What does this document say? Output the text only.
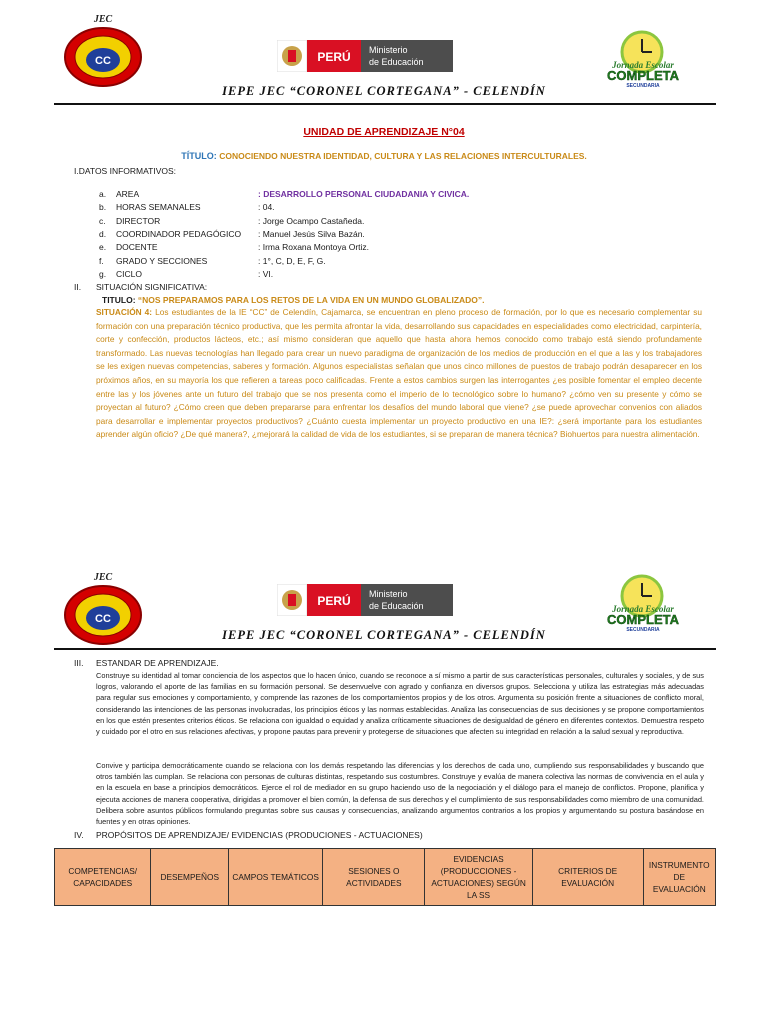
JEC
CC	PERÚ Ministerio
de Educación	Jornada Escolar
COMPLETA
SECUNDARIA
IEPE JEC “CORONEL CORTEGANA” - CELENDÍN
UNIDAD DE APRENDIZAJE N°04
TÍTULO: CONOCIENDO NUESTRA IDENTIDAD, CULTURA Y LAS RELACIONES INTERCULTURALES.
I.DATOS INFORMATIVOS:
a. AREA	: DESARROLLO PERSONAL CIUDADANIA Y CIVICA.
b. HORAS SEMANALES	: 04.
c. DIRECTOR	: Jorge Ocampo Castañeda.
d. COORDINADOR PEDAGÓGICO : Manuel Jesús Silva Bazán.
e. DOCENTE	: Irma Roxana Montoya Ortiz.
f. GRADO Y SECCIONES	: 1°, C, D, E, F, G.
g. CICLO	: VI.
II. SITUACIÓN SIGNIFICATIVA:
TITULO: “NOS PREPARAMOS PARA LOS RETOS DE LA VIDA EN UN MUNDO GLOBALIZADO”.
SITUACIÓN 4: Los estudiantes de la IE “CC” de Celendín, Cajamarca, se encuentran en pleno proceso de formación, por lo que es necesario complementar su formación con una preparación técnico productiva, que les permita afrontar la vida, desarrollando sus capacidades en especialidades como electricidad, carpintería, corte y confección, productos lácteos, etc.; así mismo consideran que aquello que hasta ahora hemos conocido como trabajo está siendo profundamente transformado. Las nuevas tecnologías han llegado para crear un nuevo paradigma de organización de los medios de producción en el que a las y los trabajadores se les exigen nuevas competencias, saberes y formación. Algunos especialistas señalan que unos cinco millones de puestos de trabajo podrán desaparecer en los próximos años, en su mayoría los que refieren a tareas poco calificadas. Frente a estos cambios surgen las interrogantes ¿es posible fomentar el empleo decente entre las y los jóvenes ante un futuro del trabajo que se nos presenta como el imperio de lo tecnológico sobre lo humano? ¿cómo ven su presente y cómo se proyectan al futuro? ¿Cómo creen que deben prepararse para enfrentar los desafíos del mundo laboral que viene? ¿se puede aprovechar convenios con aliados para desarrollar e implementar proyectos productivos? ¿Cuánto cuesta implementar un proyecto productivo en una IE?: ¿será importante para los estudiantes aprender algún oficio? ¿De qué manera?, ¿mejorará la calidad de vida de los estudiantes, si se preparan de manera técnica? Biohuertos para nuestra alimentación.
JEC
CC
PERÚ Ministerio
de Educación	Jornada Escolar
COMPLETA
SECUNDARIA
IEPE JEC “CORONEL CORTEGANA” - CELENDÍN
III. ESTANDAR DE APRENDIZAJE.
Construye su identidad al tomar conciencia de los aspectos que lo hacen único, cuando se reconoce a sí mismo a partir de sus características personales, culturales y sociales, y de sus logros, valorando el aporte de las familias en su formación personal. Se desenvuelve con agrado y confianza en diversos grupos. Selecciona y utiliza las estrategias más adecuadas para regular sus emociones y comportamiento, y comprende las razones de los comportamientos propios y de los otros. Argumenta su posición frente a situaciones de conflicto moral, considerando las intenciones de las personas involucradas, los principios éticos y las normas establecidas. Analiza las consecuencias de sus decisiones y se propone comportamientos en los que estén presentes criterios éticos. Se relaciona con igualdad o equidad y analiza críticamente situaciones de desigualdad de género en diferentes contextos. Demuestra respeto y cuidado por el otro en sus relaciones afectivas, y propone pautas para prevenir y protegerse de situaciones que afecten su integridad en relación a la salud sexual y reproductiva.
Convive y participa democráticamente cuando se relaciona con los demás respetando las diferencias y los derechos de cada uno, cumpliendo sus responsabilidades y buscando que otros también las cumplan. Se relaciona con personas de culturas distintas, respetando sus costumbres. Construye y evalúa de manera colectiva las normas de convivencia en el aula y en la escuela en base a principios democráticos. Ejerce el rol de mediador en su grupo haciendo uso de la negociación y el diálogo para el manejo de conflictos. Propone, planifica y ejecuta acciones de manera cooperativa, dirigidas a promover el bien común, la defensa de sus derechos y el cumplimiento de sus responsabilidades como miembro de una comunidad. Delibera sobre asuntos públicos formulando preguntas sobre sus causas y consecuencias, analizando argumentos contrarios a los propios y argumentando su postura basándose en fuentes y en otras opiniones.
IV. PROPÓSITOS DE APRENDIZAJE/ EVIDENCIAS (PRODUCIONES - ACTUACIONES)
COMPETENCIAS/ CAPACIDADES	DESEMPEÑOS	CAMPOS TEMÁTICOS	SESIONES O ACTIVIDADES	EVIDENCIAS (PRODUCCIONES - ACTUACIONES) SEGÚN LA SS	CRITERIOS DE EVALUACIÓN	INSTRUMENTO DE EVALUACIÓN
